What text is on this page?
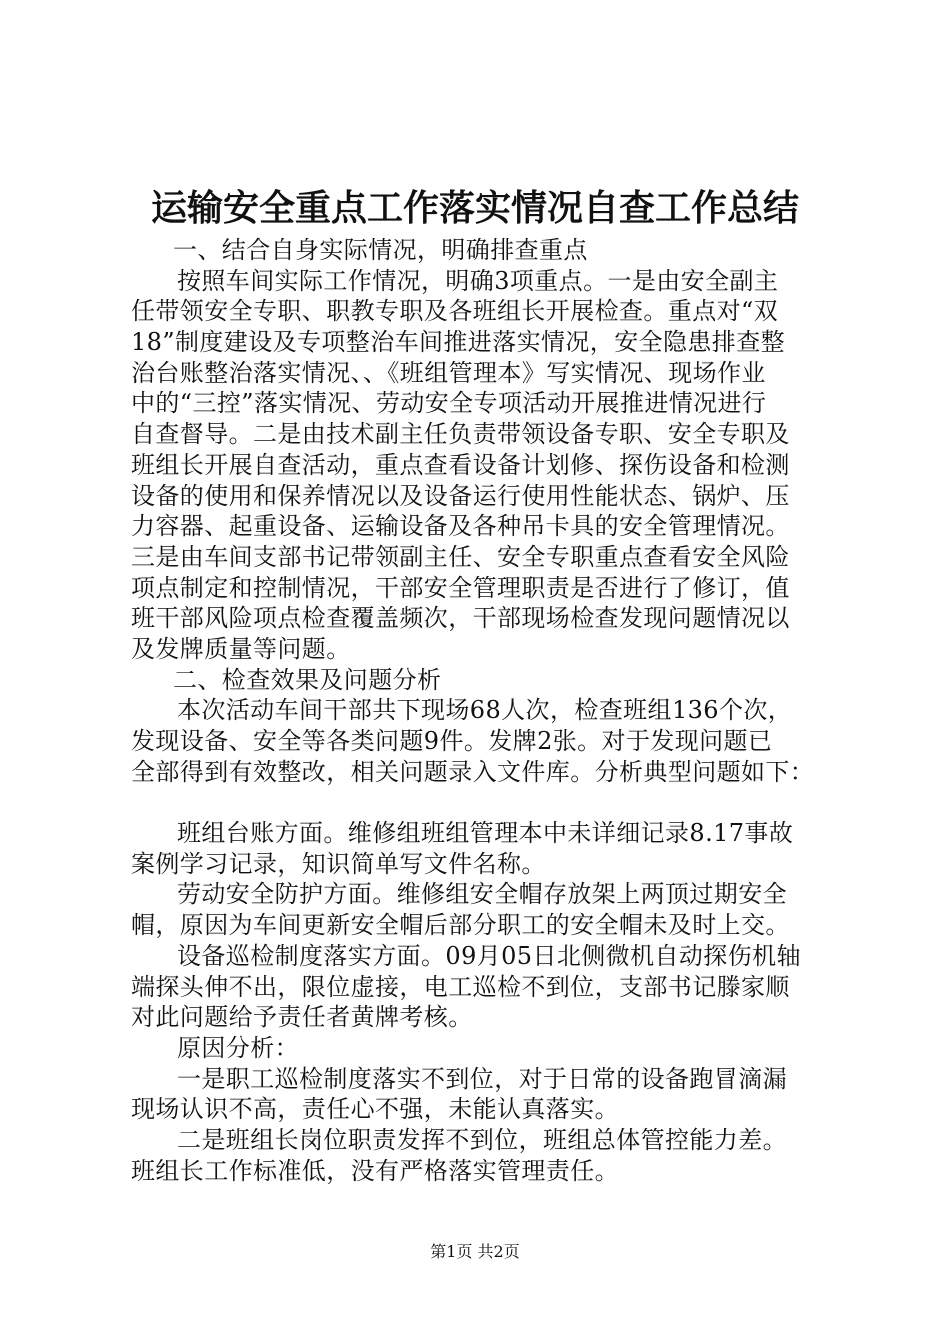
运输安全重点工作落实情况自查工作总结
一、结合自身实际情况，明确排查重点
按照车间实际工作情况，明确3项重点。一是由安全副主
任带领安全专职、职教专职及各班组长开展检查。重点对“双
18”制度建设及专项整治车间推进落实情况，安全隐患排查整
治台账整治落实情况、、《班组管理本》写实情况、现场作业
中的“三控”落实情况、劳动安全专项活动开展推进情况进行
自查督导。二是由技术副主任负责带领设备专职、安全专职及
班组长开展自查活动，重点查看设备计划修、探伤设备和检测
设备的使用和保养情况以及设备运行使用性能状态、锅炉、压
力容器、起重设备、运输设备及各种吊卡具的安全管理情况。
三是由车间支部书记带领副主任、安全专职重点查看安全风险
项点制定和控制情况，干部安全管理职责是否进行了修订，值
班干部风险项点检查覆盖频次，干部现场检查发现问题情况以
及发牌质量等问题。
二、检查效果及问题分析
本次活动车间干部共下现场68人次，检查班组136个次，
发现设备、安全等各类问题9件。发牌2张。对于发现问题已
全部得到有效整改，相关问题录入文件库。分析典型问题如下：
班组台账方面。维修组班组管理本中未详细记录8.17事故
案例学习记录，知识简单写文件名称。
劳动安全防护方面。维修组安全帽存放架上两顶过期安全
帽，原因为车间更新安全帽后部分职工的安全帽未及时上交。
设备巡检制度落实方面。09月05日北侧微机自动探伤机轴
端探头伸不出，限位虚接，电工巡检不到位，支部书记滕家顺
对此问题给予责任者黄牌考核。
原因分析：
一是职工巡检制度落实不到位，对于日常的设备跑冒滴漏
现场认识不高，责任心不强，未能认真落实。
二是班组长岗位职责发挥不到位，班组总体管控能力差。
班组长工作标准低，没有严格落实管理责任。
第1页 共2页
